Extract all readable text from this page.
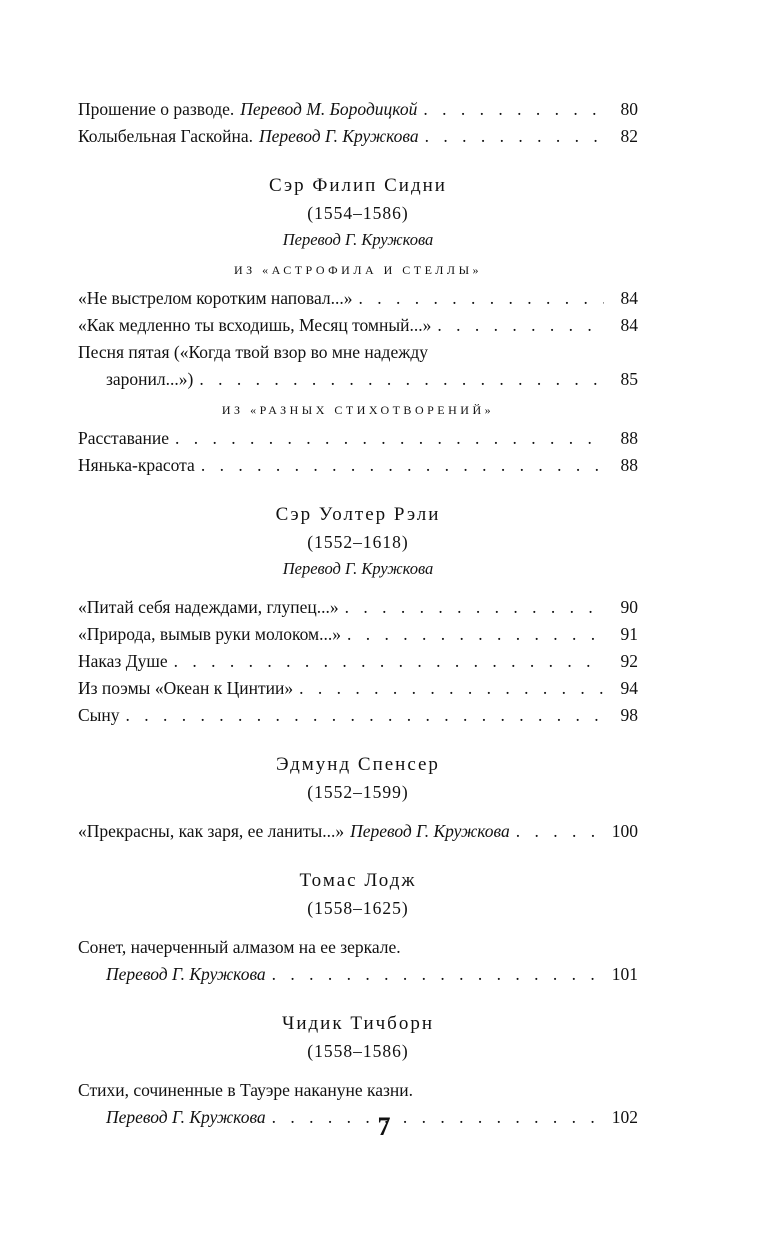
Прошение о разводе. Перевод М. Бородицкой . . .	80
Колыбельная Гаскойна. Перевод Г. Кружкова . . .	82
Сэр Филип Сидни
(1554–1586)
Перевод Г. Кружкова
ИЗ «АСТРОФИЛА И СТЕЛЛЫ»
«Не выстрелом коротким наповал...» . . .	84
«Как медленно ты всходишь, Месяц томный...» . . .	84
Песня пятая («Когда твой взор во мне надежду
заронил...») . . .	85
ИЗ «РАЗНЫХ СТИХОТВОРЕНИЙ»
Расставание . . .	88
Нянька-красота . . .	88
Сэр Уолтер Рэли
(1552–1618)
Перевод Г. Кружкова
«Питай себя надеждами, глупец...» . . .	90
«Природа, вымыв руки молоком...» . . .	91
Наказ Душе . . .	92
Из поэмы «Океан к Цинтии» . . .	94
Сыну . . .	98
Эдмунд Спенсер
(1552–1599)
«Прекрасны, как заря, ее ланиты...» Перевод Г. Кружкова . . .	100
Томас Лодж
(1558–1625)
Сонет, начерченный алмазом на ее зеркале.
Перевод Г. Кружкова . . .	101
Чидик Тичборн
(1558–1586)
Стихи, сочиненные в Тауэре накануне казни.
Перевод Г. Кружкова . . .	102
7
